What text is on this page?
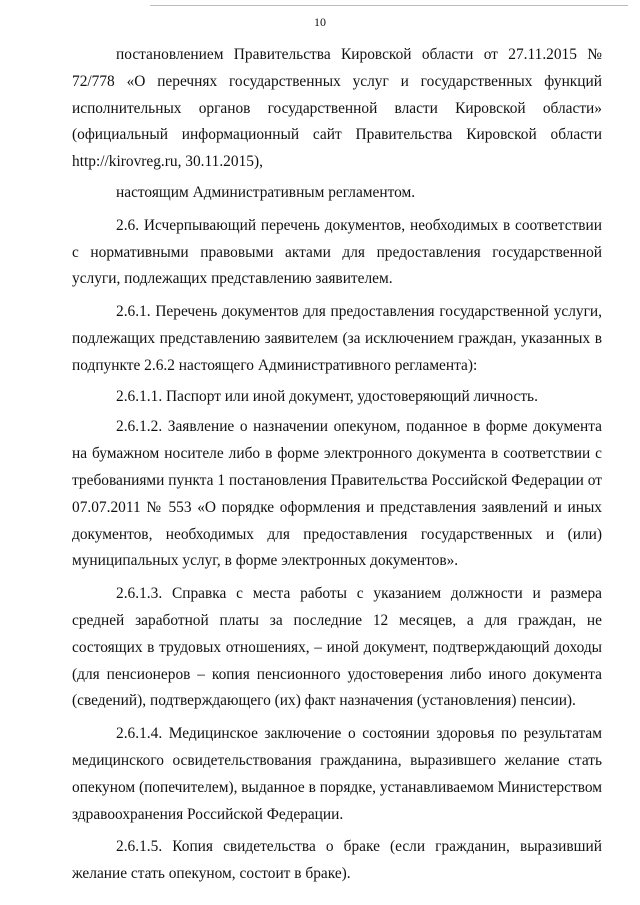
10

постановлением Правительства Кировской области от 27.11.2015 № 72/778 «О перечнях государственных услуг и государственных функций исполнительных органов государственной власти Кировской области» (официальный информационный сайт Правительства Кировской области http://kirovreg.ru, 30.11.2015),

настоящим Административным регламентом.

2.6. Исчерпывающий перечень документов, необходимых в соответствии с нормативными правовыми актами для предоставления государственной услуги, подлежащих представлению заявителем.

2.6.1. Перечень документов для предоставления государственной услуги, подлежащих представлению заявителем (за исключением граждан, указанных в подпункте 2.6.2 настоящего Административного регламента):

2.6.1.1. Паспорт или иной документ, удостоверяющий личность.

2.6.1.2. Заявление о назначении опекуном, поданное в форме документа на бумажном носителе либо в форме электронного документа в соответствии с требованиями пункта 1 постановления Правительства Российской Федерации от 07.07.2011 № 553 «О порядке оформления и представления заявлений и иных документов, необходимых для предоставления государственных и (или) муниципальных услуг, в форме электронных документов».

2.6.1.3. Справка с места работы с указанием должности и размера средней заработной платы за последние 12 месяцев, а для граждан, не состоящих в трудовых отношениях, – иной документ, подтверждающий доходы (для пенсионеров – копия пенсионного удостоверения либо иного документа (сведений), подтверждающего (их) факт назначения (установления) пенсии).

2.6.1.4. Медицинское заключение о состоянии здоровья по результатам медицинского освидетельствования гражданина, выразившего желание стать опекуном (попечителем), выданное в порядке, устанавливаемом Министерством здравоохранения Российской Федерации.

2.6.1.5. Копия свидетельства о браке (если гражданин, выразивший желание стать опекуном, состоит в браке).
